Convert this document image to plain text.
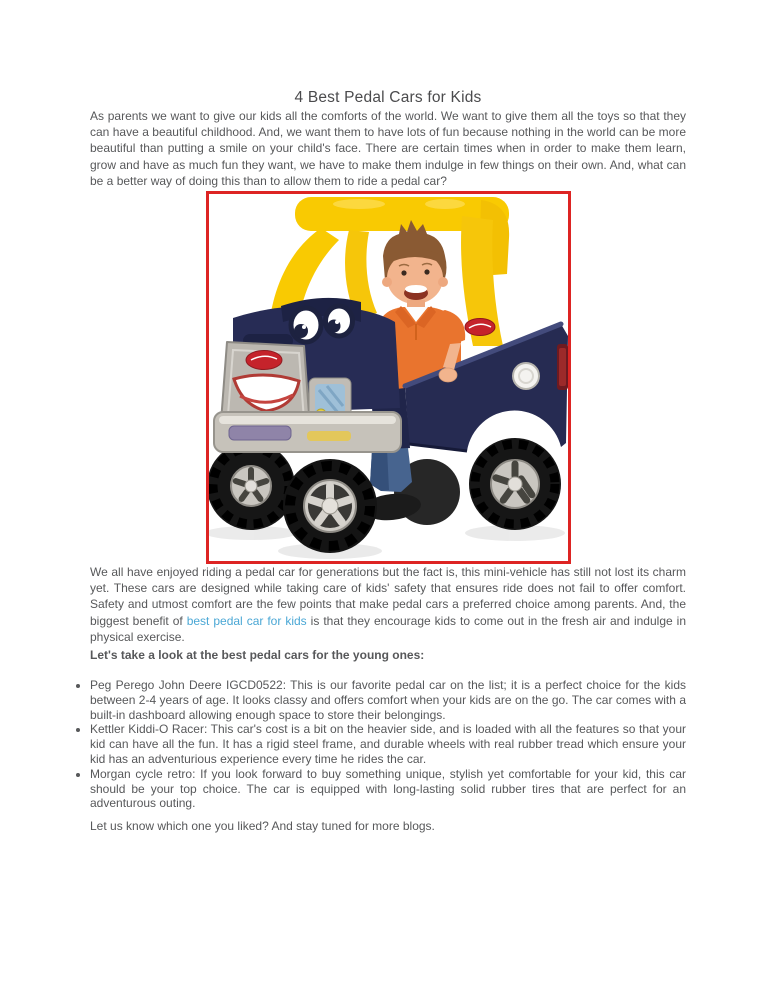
4 Best Pedal Cars for Kids

As parents we want to give our kids all the comforts of the world. We want to give them all the toys so that they can have a beautiful childhood. And, we want them to have lots of fun because nothing in the world can be more beautiful than putting a smile on your child's face. There are certain times when in order to make them learn, grow and have as much fun they want, we have to make them indulge in few things on their own. And, what can be a better way of doing this than to allow them to ride a pedal car?

We all have enjoyed riding a pedal car for generations but the fact is, this mini-vehicle has still not lost its charm yet. These cars are designed while taking care of kids' safety that ensures ride does not fail to offer comfort. Safety and utmost comfort are the few points that make pedal cars a preferred choice among parents. And, the biggest benefit of best pedal car for kids is that they encourage kids to come out in the fresh air and indulge in physical exercise.

Let's take a look at the best pedal cars for the young ones:
• Peg Perego John Deere IGCD0522: This is our favorite pedal car on the list; it is a perfect choice for the kids between 2-4 years of age. It looks classy and offers comfort when your kids are on the go. The car comes with a built-in dashboard allowing enough space to store their belongings.
• Kettler Kiddi-O Racer: This car's cost is a bit on the heavier side, and is loaded with all the features so that your kid can have all the fun. It has a rigid steel frame, and durable wheels with real rubber tread which ensure your kid has an adventurious experience every time he rides the car.
• Morgan cycle retro: If you look forward to buy something unique, stylish yet comfortable for your kid, this car should be your top choice. The car is equipped with long-lasting solid rubber tires that are perfect for an adventurous outing.

Let us know which one you liked? And stay tuned for more blogs.
